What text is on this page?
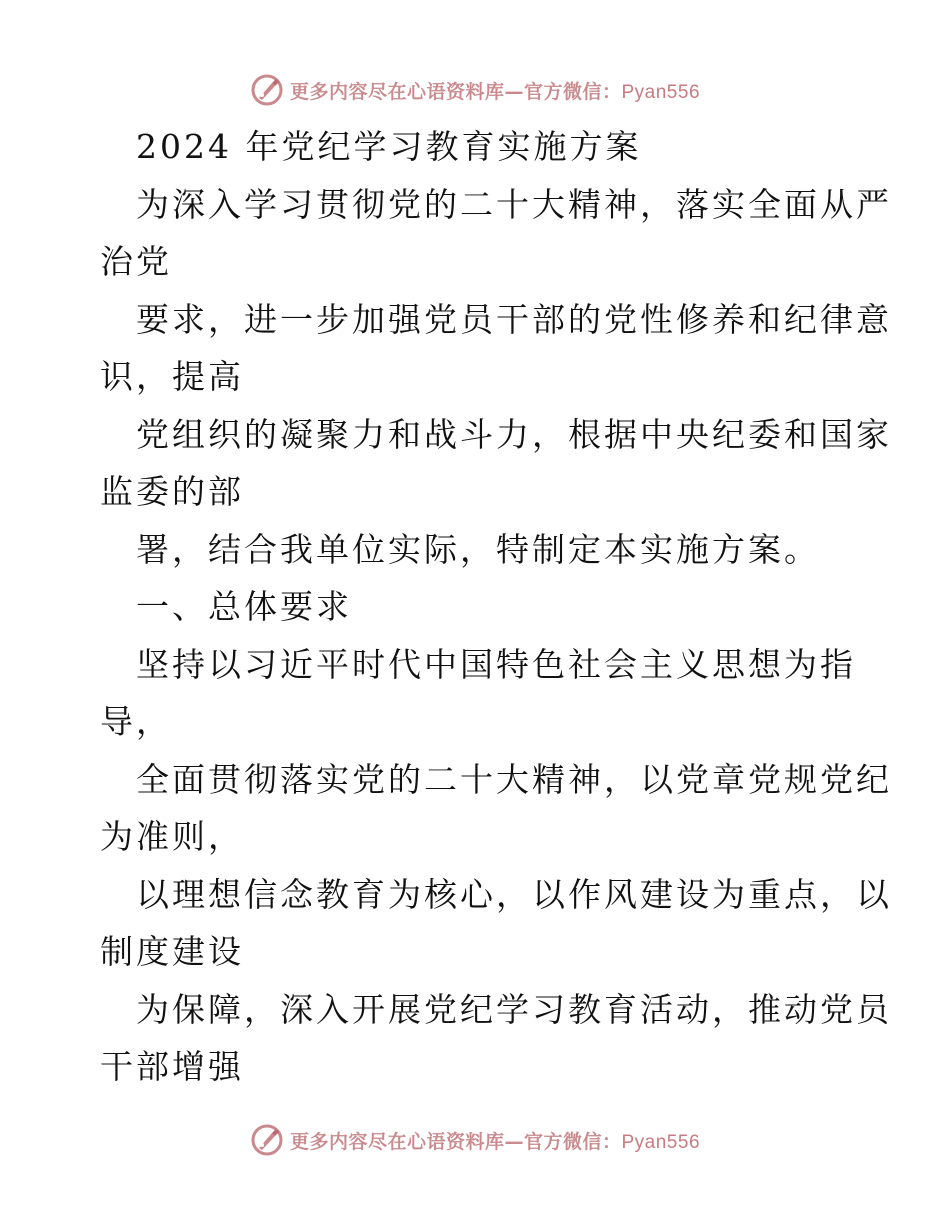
更多内容尽在心语资料库—官方微信：Pyan556
2024 年党纪学习教育实施方案
为深入学习贯彻党的二十大精神，落实全面从严
治党
要求，进一步加强党员干部的党性修养和纪律意
识，提高
党组织的凝聚力和战斗力，根据中央纪委和国家
监委的部
署，结合我单位实际，特制定本实施方案。
一、总体要求
坚持以习近平时代中国特色社会主义思想为指
导，
全面贯彻落实党的二十大精神，以党章党规党纪
为准则，
以理想信念教育为核心，以作风建设为重点，以
制度建设
为保障，深入开展党纪学习教育活动，推动党员
干部增强
更多内容尽在心语资料库—官方微信：Pyan556
